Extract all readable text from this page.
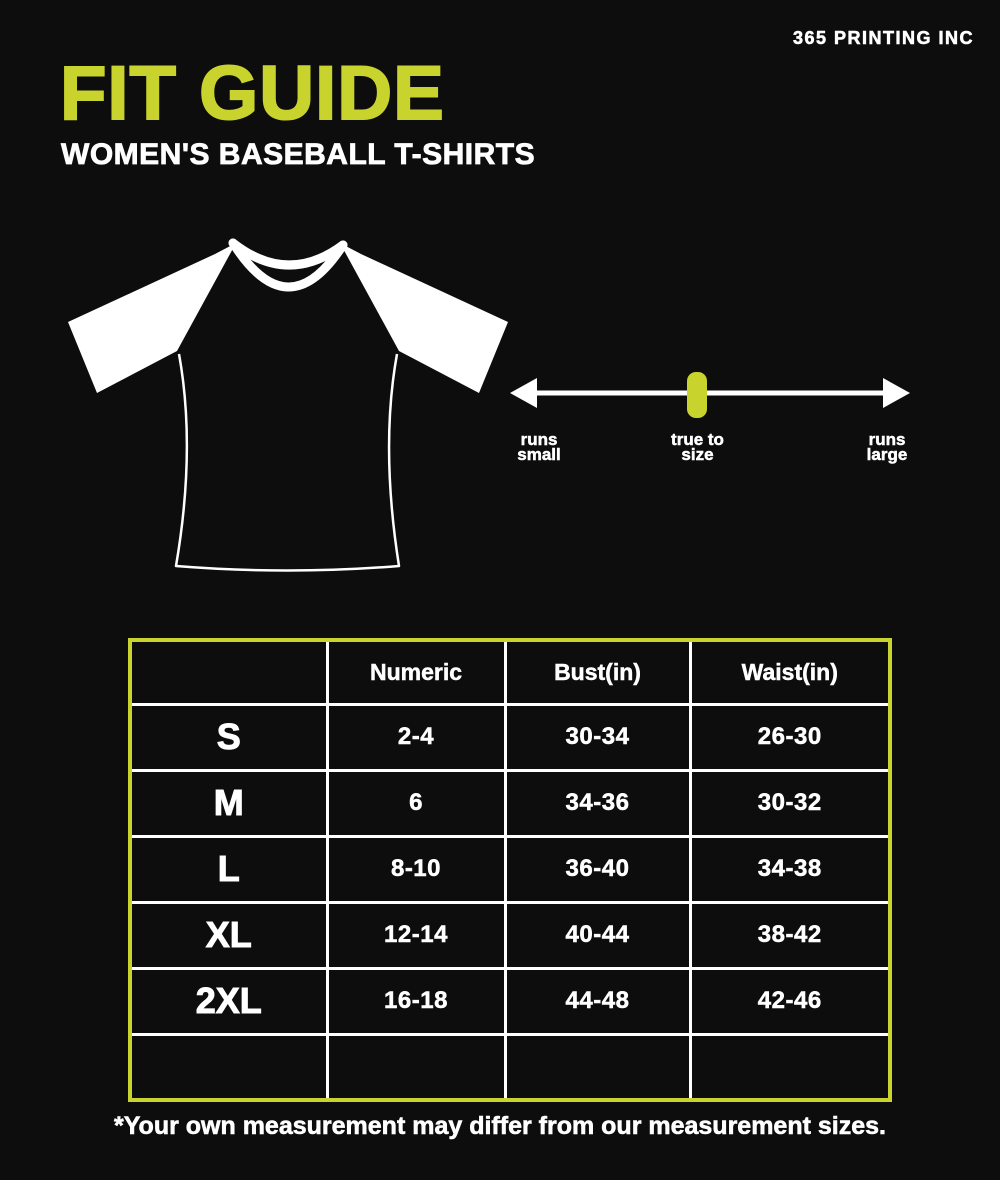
365 PRINTING INC
FIT GUIDE
WOMEN'S BASEBALL T-SHIRTS
runs
small
true to
size
runs
large
	Numeric	Bust(in)	Waist(in)
S	2-4	30-34	26-30
M	6	34-36	30-32
L	8-10	36-40	34-38
XL	12-14	40-44	38-42
2XL	16-18	44-48	42-46

*Your own measurement may differ from our measurement sizes.
